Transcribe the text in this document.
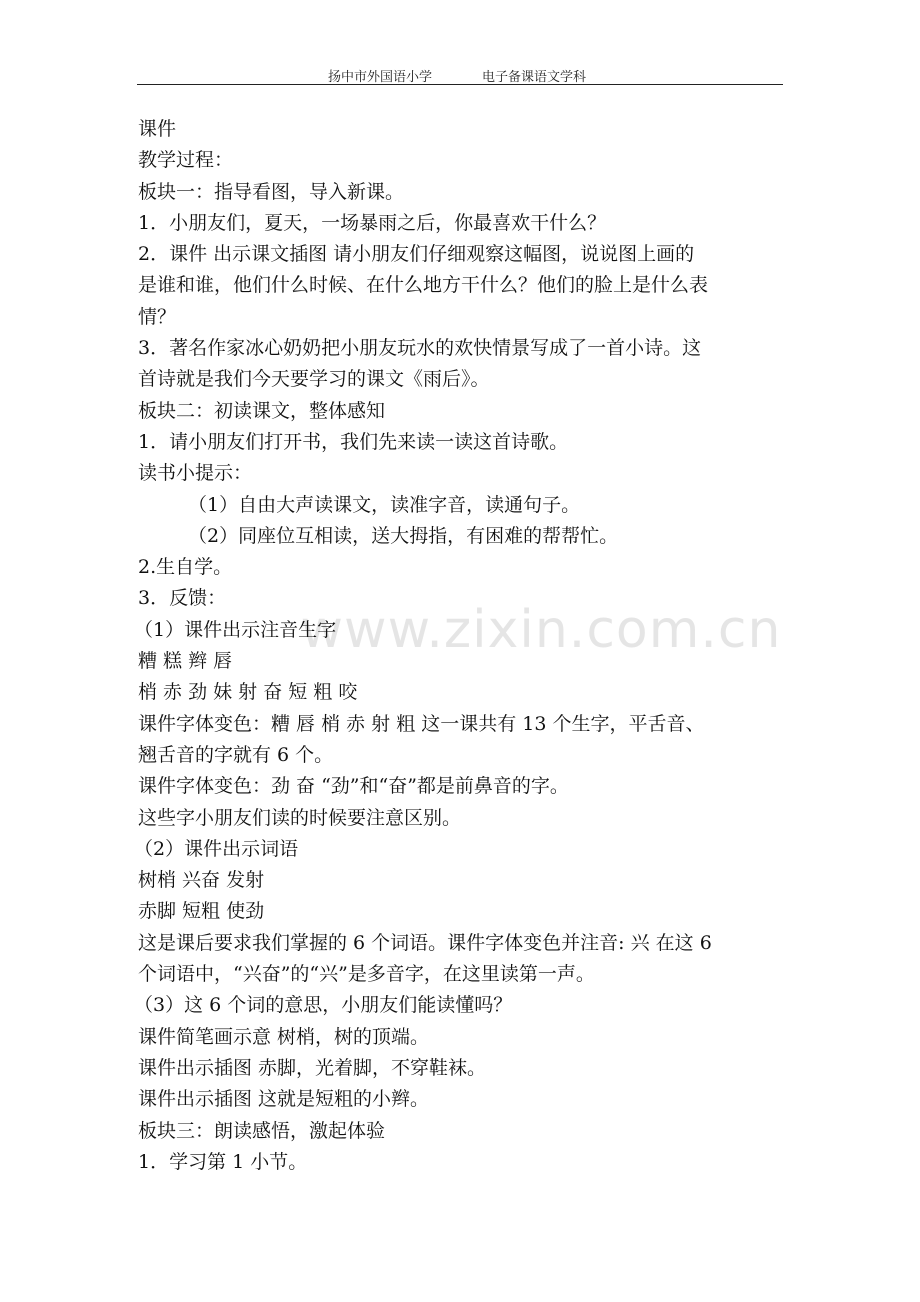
扬中市外国语小学	电子备课语文学科
www.zixin.com.cn
课件
教学过程：
板块一：指导看图，导入新课。
1．小朋友们，夏天，一场暴雨之后，你最喜欢干什么？
2．课件 出示课文插图 请小朋友们仔细观察这幅图，说说图上画的
是谁和谁，他们什么时候、在什么地方干什么？他们的脸上是什么表
情？
3．著名作家冰心奶奶把小朋友玩水的欢快情景写成了一首小诗。这
首诗就是我们今天要学习的课文《雨后》。
板块二：初读课文，整体感知
1．请小朋友们打开书，我们先来读一读这首诗歌。
读书小提示：
（1）自由大声读课文，读准字音，读通句子。
（2）同座位互相读，送大拇指，有困难的帮帮忙。
2.生自学。
3．反馈：
（1）课件出示注音生字
糟 糕 辫 唇
梢 赤 劲 妹 射 奋 短 粗 咬
课件字体变色：糟 唇 梢 赤 射 粗 这一课共有 13 个生字，平舌音、
翘舌音的字就有 6 个。
课件字体变色：劲 奋 “劲”和“奋”都是前鼻音的字。
这些字小朋友们读的时候要注意区别。
（2）课件出示词语
树梢 兴奋 发射
赤脚 短粗 使劲
这是课后要求我们掌握的 6 个词语。课件字体变色并注音: 兴 在这 6
个词语中，“兴奋”的“兴”是多音字，在这里读第一声。
（3）这 6 个词的意思，小朋友们能读懂吗？
课件简笔画示意 树梢，树的顶端。
课件出示插图 赤脚，光着脚，不穿鞋袜。
课件出示插图 这就是短粗的小辫。
板块三：朗读感悟，激起体验
1．学习第 1 小节。
